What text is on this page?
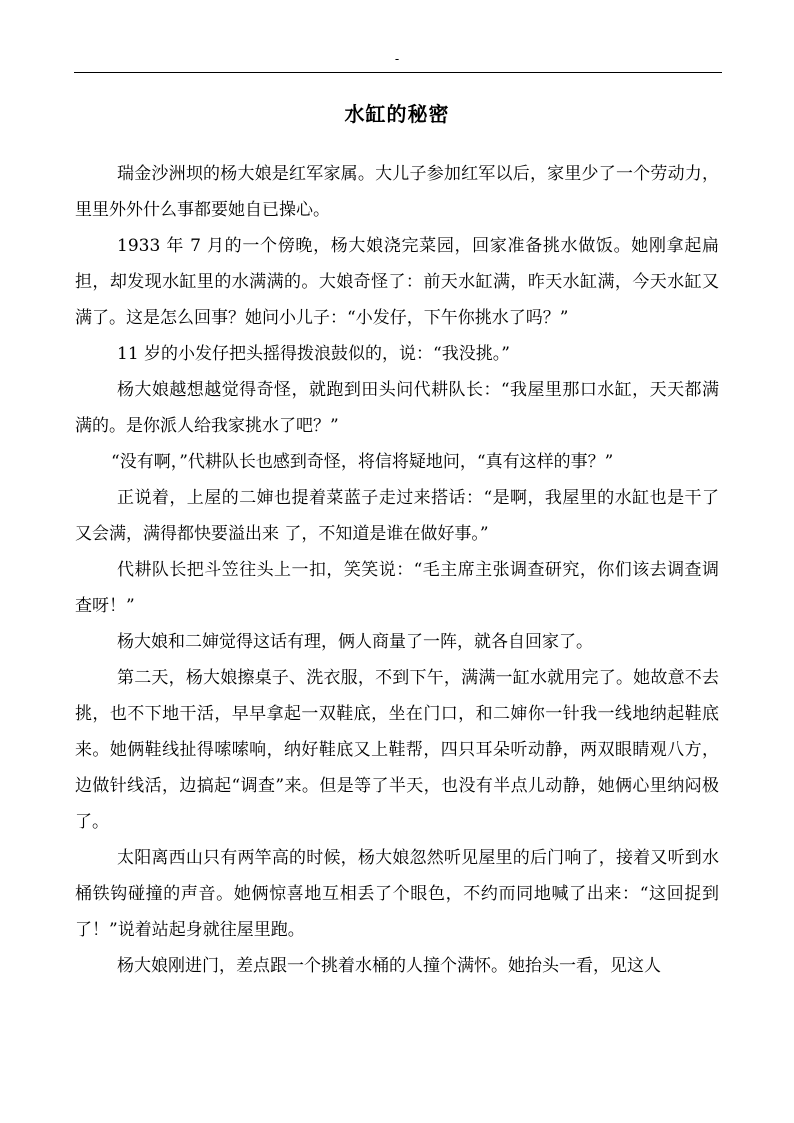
-
水缸的秘密

瑞金沙洲坝的杨大娘是红军家属。大儿子参加红军以后，家里少了一个劳动力，里里外外什么事都要她自已操心。

1933 年 7 月的一个傍晚，杨大娘浇完菜园，回家准备挑水做饭。她刚拿起扁担，却发现水缸里的水满满的。大娘奇怪了：前天水缸满，昨天水缸满，今天水缸又满了。这是怎么回事？她问小儿子：“小发仔，下午你挑水了吗？”

11 岁的小发仔把头摇得拨浪鼓似的，说：“我没挑。”

杨大娘越想越觉得奇怪，就跑到田头问代耕队长：“我屋里那口水缸，天天都满满的。是你派人给我家挑水了吧？”

“没有啊，”代耕队长也感到奇怪，将信将疑地问，“真有这样的事？”

正说着，上屋的二婶也提着菜蓝子走过来搭话：“是啊，我屋里的水缸也是干了又会满，满得都快要溢出来 了，不知道是谁在做好事。”

代耕队长把斗笠往头上一扣，笑笑说：“毛主席主张调查研究，你们该去调查调查呀！”

杨大娘和二婶觉得这话有理，俩人商量了一阵，就各自回家了。

第二天，杨大娘擦桌子、洗衣服，不到下午，满满一缸水就用完了。她故意不去挑，也不下地干活，早早拿起一双鞋底，坐在门口，和二婶你一针我一线地纳起鞋底来。她俩鞋线扯得嗦嗦响，纳好鞋底又上鞋帮，四只耳朵听动静，两双眼睛观八方，边做针线活，边搞起“调查”来。但是等了半天，也没有半点儿动静，她俩心里纳闷极了。

太阳离西山只有两竿高的时候，杨大娘忽然听见屋里的后门响了，接着又听到水桶铁钩碰撞的声音。她俩惊喜地互相丢了个眼色，不约而同地喊了出来：“这回捉到了！”说着站起身就往屋里跑。

杨大娘刚进门，差点跟一个挑着水桶的人撞个满怀。她抬头一看，见这人
